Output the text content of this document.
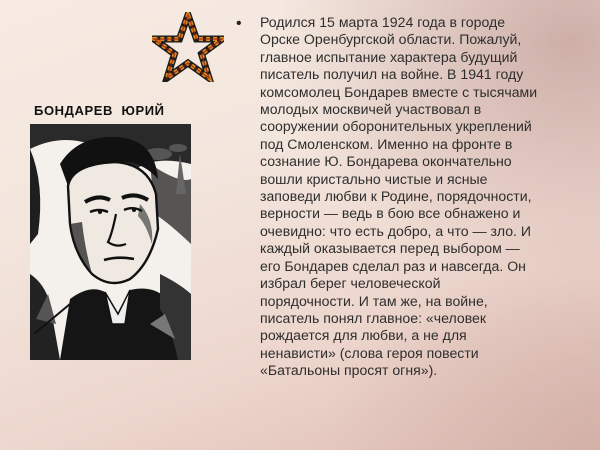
БОНДАРЕВ  ЮРИЙ
• Родился 15 марта 1924 года в городе
Орске Оренбургской области. Пожалуй,
главное испытание характера будущий
писатель получил на войне. В 1941 году
комсомолец Бондарев вместе с тысячами
молодых москвичей участвовал в
сооружении оборонительных укреплений
под Смоленском. Именно на фронте в
сознание Ю. Бондарева окончательно
вошли кристально чистые и ясные
заповеди любви к Родине, порядочности,
верности — ведь в бою все обнажено и
очевидно: что есть добро, а что — зло. И
каждый оказывается перед выбором —
его Бондарев сделал раз и навсегда. Он
избрал берег человеческой
порядочности. И там же, на войне,
писатель понял главное: «человек
рождается для любви, а не для
ненависти» (слова героя повести
«Батальоны просят огня»).
